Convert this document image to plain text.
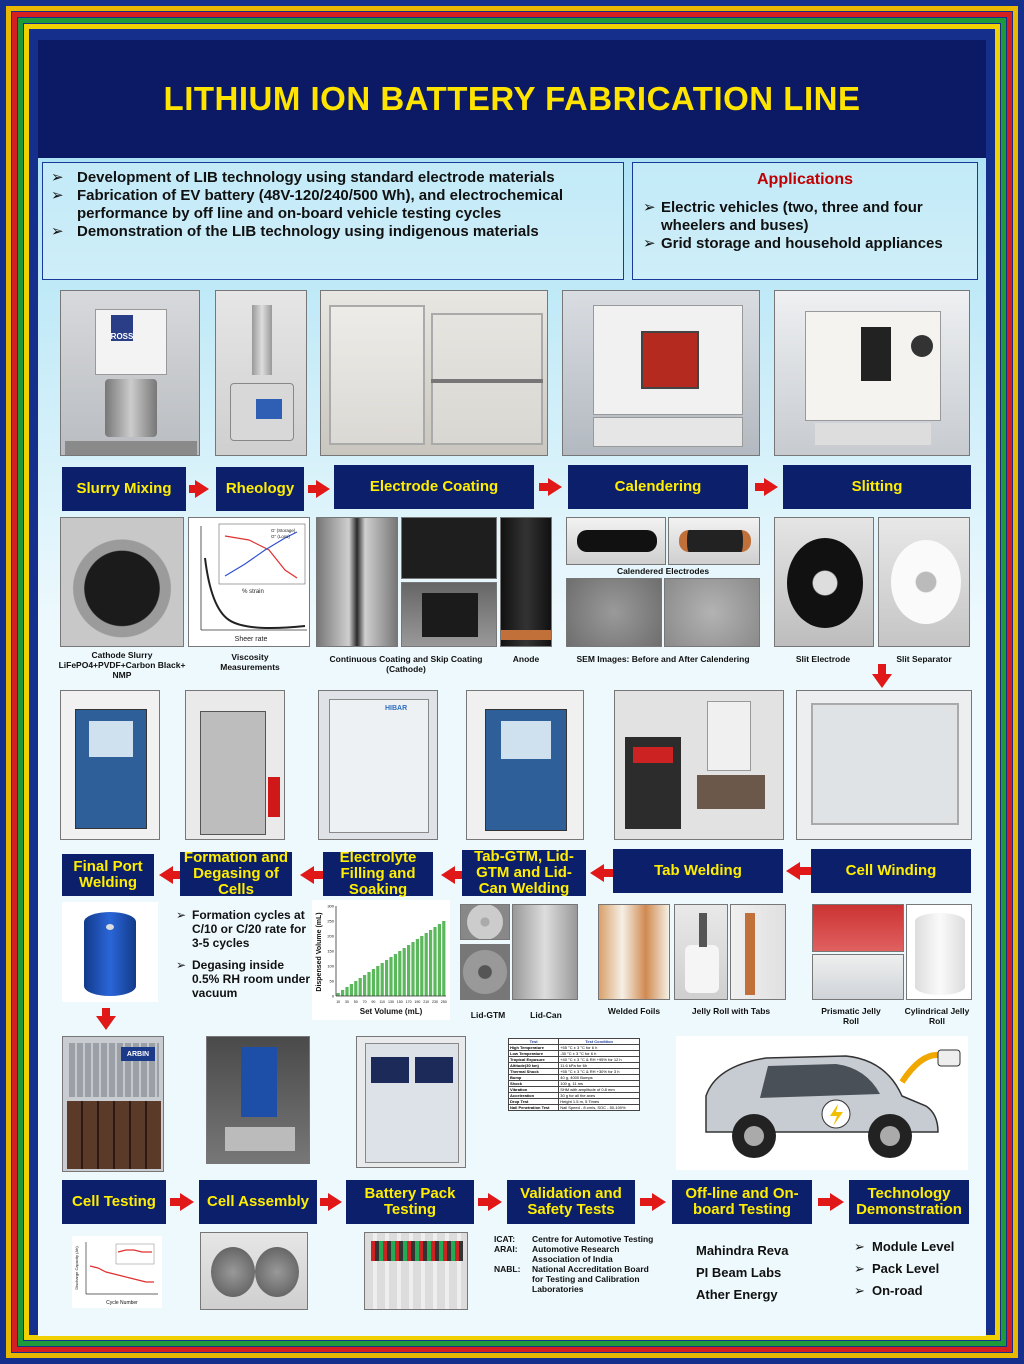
LITHIUM ION BATTERY FABRICATION LINE
➢ Development of LIB technology using standard electrode materials
➢ Fabrication of EV battery (48V-120/240/500 Wh), and electrochemical performance by off line and on-board vehicle testing cycles
➢ Demonstration of the LIB technology using indigenous materials
Applications
➢ Electric vehicles (two, three and four wheelers and buses)
➢ Grid storage and household appliances
ROSS
Slurry Mixing	Rheology	Electrode Coating	Calendering	Slitting
Cathode Slurry
LiFePO4+PVDF+Carbon Black+ NMP
% strain
G' (Storage)
G" (Loss)
Sheer rate
Viscosity Measurements
Continuous Coating and Skip Coating (Cathode)
Anode
Calendered Electrodes
SEM Images: Before and After Calendering	Slit Electrode	Slit Separator
HIBAR
Final Port Welding
Formation and Degasing of Cells
Electrolyte Filling and Soaking
Tab-GTM, Lid-GTM and Lid-Can Welding
Tab Welding	Cell Winding
➢ Formation cycles at C/10 or C/20 rate for 3-5 cycles
➢ Degasing inside 0.5% RH room under vacuum
10 30 50 70 90 110 130 150 170 190 210 230 250
0
50
100
150
200
250
300
Set Volume (mL)
Dispensed Volume (mL)
Lid-GTM	Lid-Can	Welded Foils	Jelly Roll with Tabs	Prismatic Jelly Roll
Cylindrical Jelly Roll
ARBIN
Test	Test Condition
High Temperature	+55 °C ± 3 °C for 6 h
Low Temperature	-30 °C ± 3 °C for 6 h
Tropical Exposure	+40 °C ± 3 °C & RH +95% for 12 h
Altitude(30 km)	11.6 kPa for 6h
Thermal Shock	+55 °C ± 3 °C & RH +30% for 3 h
Bump	40 g, 4000 Bumps
Shock	100 g, 11 ms
Vibration	SHM with amplitude of 0.8 mm
Acceleration	30 g for all the axes
Drop Test	Height 1.5 m, 5 Times
Nail Penetration Test	Nail Speed - 8 cm/s, SOC - 50-100%
Cell Testing	Cell Assembly	Battery Pack Testing
Validation and Safety Tests
Off-line and On-board Testing
Technology Demonstration
Cycle Number
Discharge Capacity (Ah)
ICAT:	Centre for Automotive Testing
ARAI:	Automotive Research Association of India
NABL:	National Accreditation Board for Testing and Calibration Laboratories
Mahindra Reva
PI Beam Labs
Ather Energy
➢ Module Level
➢ Pack Level
➢ On-road
